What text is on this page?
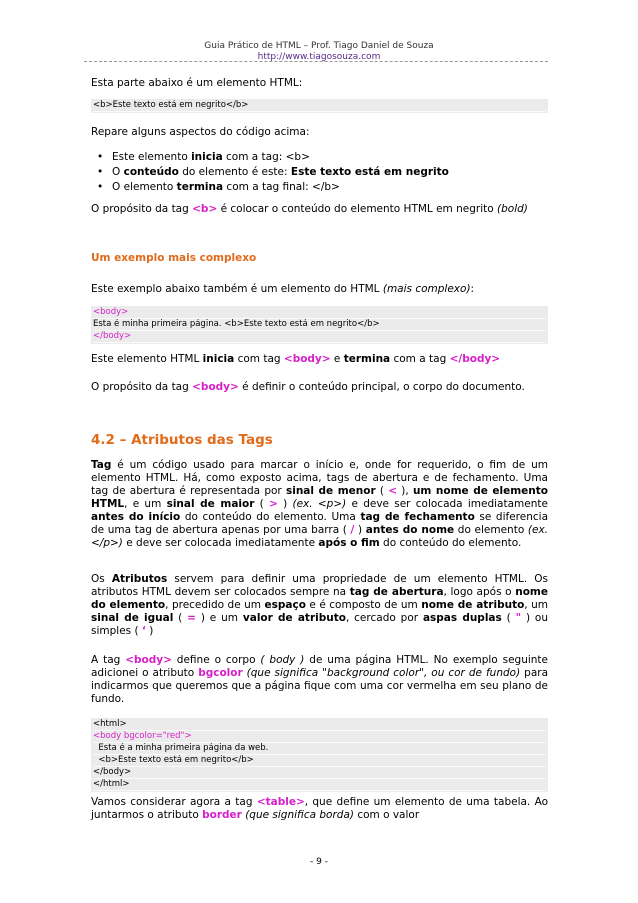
Guia Prático de HTML – Prof. Tiago Daniel de Souza
http://www.tiagosouza.com
Esta parte abaixo é um elemento HTML:
<b>Este texto está em negrito</b>
Repare alguns aspectos do código acima:
• Este elemento inicia com a tag: <b>
• O conteúdo do elemento é este: Este texto está em negrito
• O elemento termina com a tag final: </b>
O propósito da tag <b> é colocar o conteúdo do elemento HTML em negrito (bold)
Um exemplo mais complexo
Este exemplo abaixo também é um elemento do HTML (mais complexo):
<body>
Esta é minha primeira página. <b>Este texto está em negrito</b>
</body>
Este elemento HTML inicia com tag <body> e termina com a tag </body>
O propósito da tag <body> é definir o conteúdo principal, o corpo do documento.
4.2 – Atributos das Tags
Tag é um código usado para marcar o início e, onde for requerido, o fim de um elemento HTML. Há, como exposto acima, tags de abertura e de fechamento. Uma tag de abertura é representada por sinal de menor ( < ), um nome de elemento HTML, e um sinal de maior ( > ) (ex. <p>) e deve ser colocada imediatamente antes do início do conteúdo do elemento. Uma tag de fechamento se diferencia de uma tag de abertura apenas por uma barra ( / ) antes do nome do elemento (ex. </p>) e deve ser colocada imediatamente após o fim do conteúdo do elemento.
Os Atributos servem para definir uma propriedade de um elemento HTML. Os atributos HTML devem ser colocados sempre na tag de abertura, logo após o nome do elemento, precedido de um espaço e é composto de um nome de atributo, um sinal de igual ( = ) e um valor de atributo, cercado por aspas duplas ( " ) ou simples ( ‘ )
A tag <body> define o corpo ( body ) de uma página HTML. No exemplo seguinte adicionei o atributo bgcolor (que significa "background color", ou cor de fundo) para indicarmos que queremos que a página fique com uma cor vermelha em seu plano de fundo.
<html>
<body bgcolor="red">
Esta é a minha primeira página da web.
<b>Este texto está em negrito</b>
</body>
</html>
Vamos considerar agora a tag <table>, que define um elemento de uma tabela. Ao juntarmos o atributo border (que significa borda) com o valor
- 9 -
